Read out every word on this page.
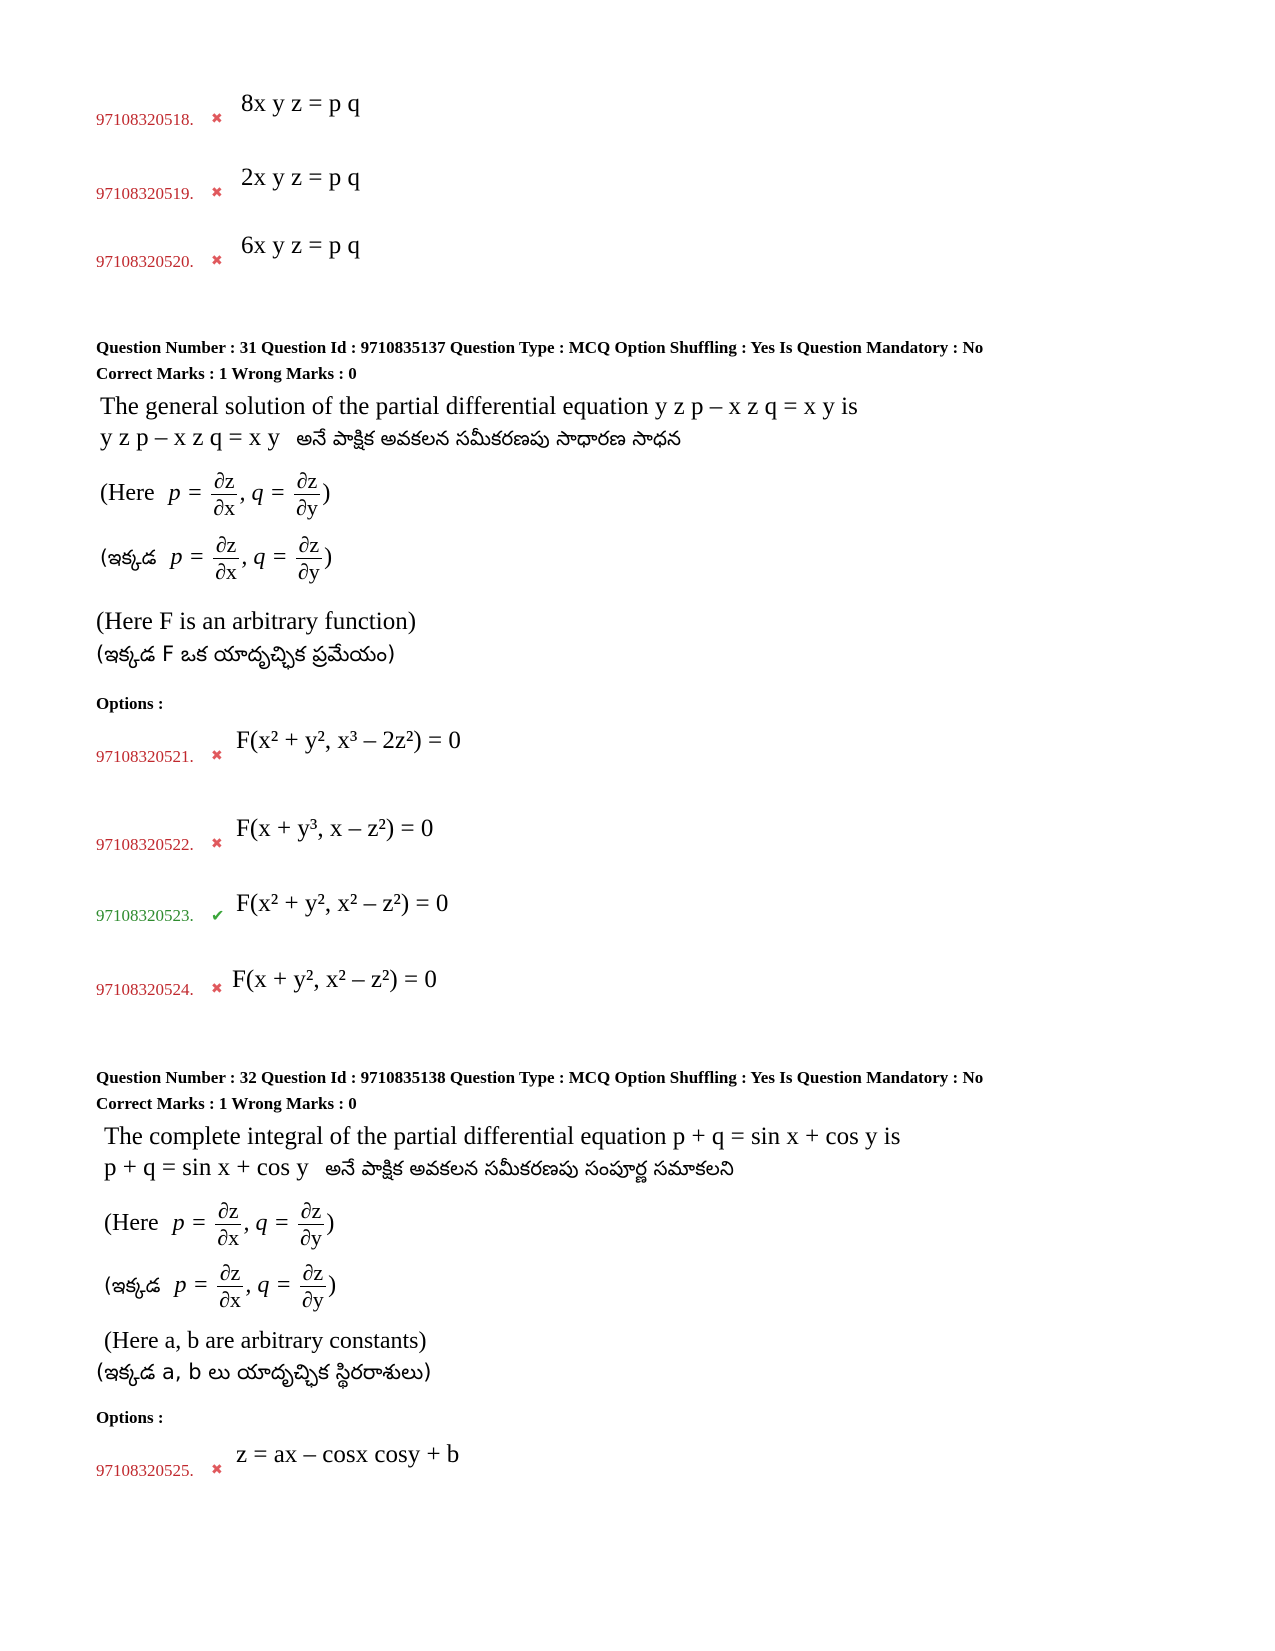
97108320518. ✖
8x y z = p q
97108320519. ✖
2x y z = p q
97108320520. ✖
6x y z = p q
Question Number : 31 Question Id : 9710835137 Question Type : MCQ Option Shuffling : Yes Is Question Mandatory : No
Correct Marks : 1 Wrong Marks : 0
The general solution of the partial differential equation y z p – x z q = x y is
y z p – x z q = x y అనే పాక్షిక అవకలన సమీకరణపు సాధారణ సాధన
(Here $p = \frac{\partial z}{\partial x}$ , $q = \frac{\partial z}{\partial y}$ )
(ఇక్కడ $p = \frac{\partial z}{\partial x}$ , $q = \frac{\partial z}{\partial y}$ )
(Here F is an arbitrary function)
(ఇక్కడ F ఒక యాదృచ్ఛిక ప్రమేయం)
Options :
97108320521. ✖
F(x² + y², x³ – 2z²) = 0
97108320522. ✖
F(x + y³, x – z²) = 0
97108320523. ✔ F(x² + y², x² – z²) = 0
97108320524. ✖ F(x + y², x² – z²) = 0
Question Number : 32 Question Id : 9710835138 Question Type : MCQ Option Shuffling : Yes Is Question Mandatory : No
Correct Marks : 1 Wrong Marks : 0
The complete integral of the partial differential equation p + q = sin x + cos y is
p + q = sin x + cos y అనే పాక్షిక అవకలన సమీకరణపు సంపూర్ణ సమాకలని
(Here $p = \frac{\partial z}{\partial x}$ , $q = \frac{\partial z}{\partial y}$ )
(ఇక్కడ $p = \frac{\partial z}{\partial x}$ , $q = \frac{\partial z}{\partial y}$ )
(Here a, b are arbitrary constants)
(ఇక్కడ a, b లు యాదృచ్ఛిక స్థిరరాశులు)
Options :
97108320525. ✖
z = ax – cosx cosy + b
